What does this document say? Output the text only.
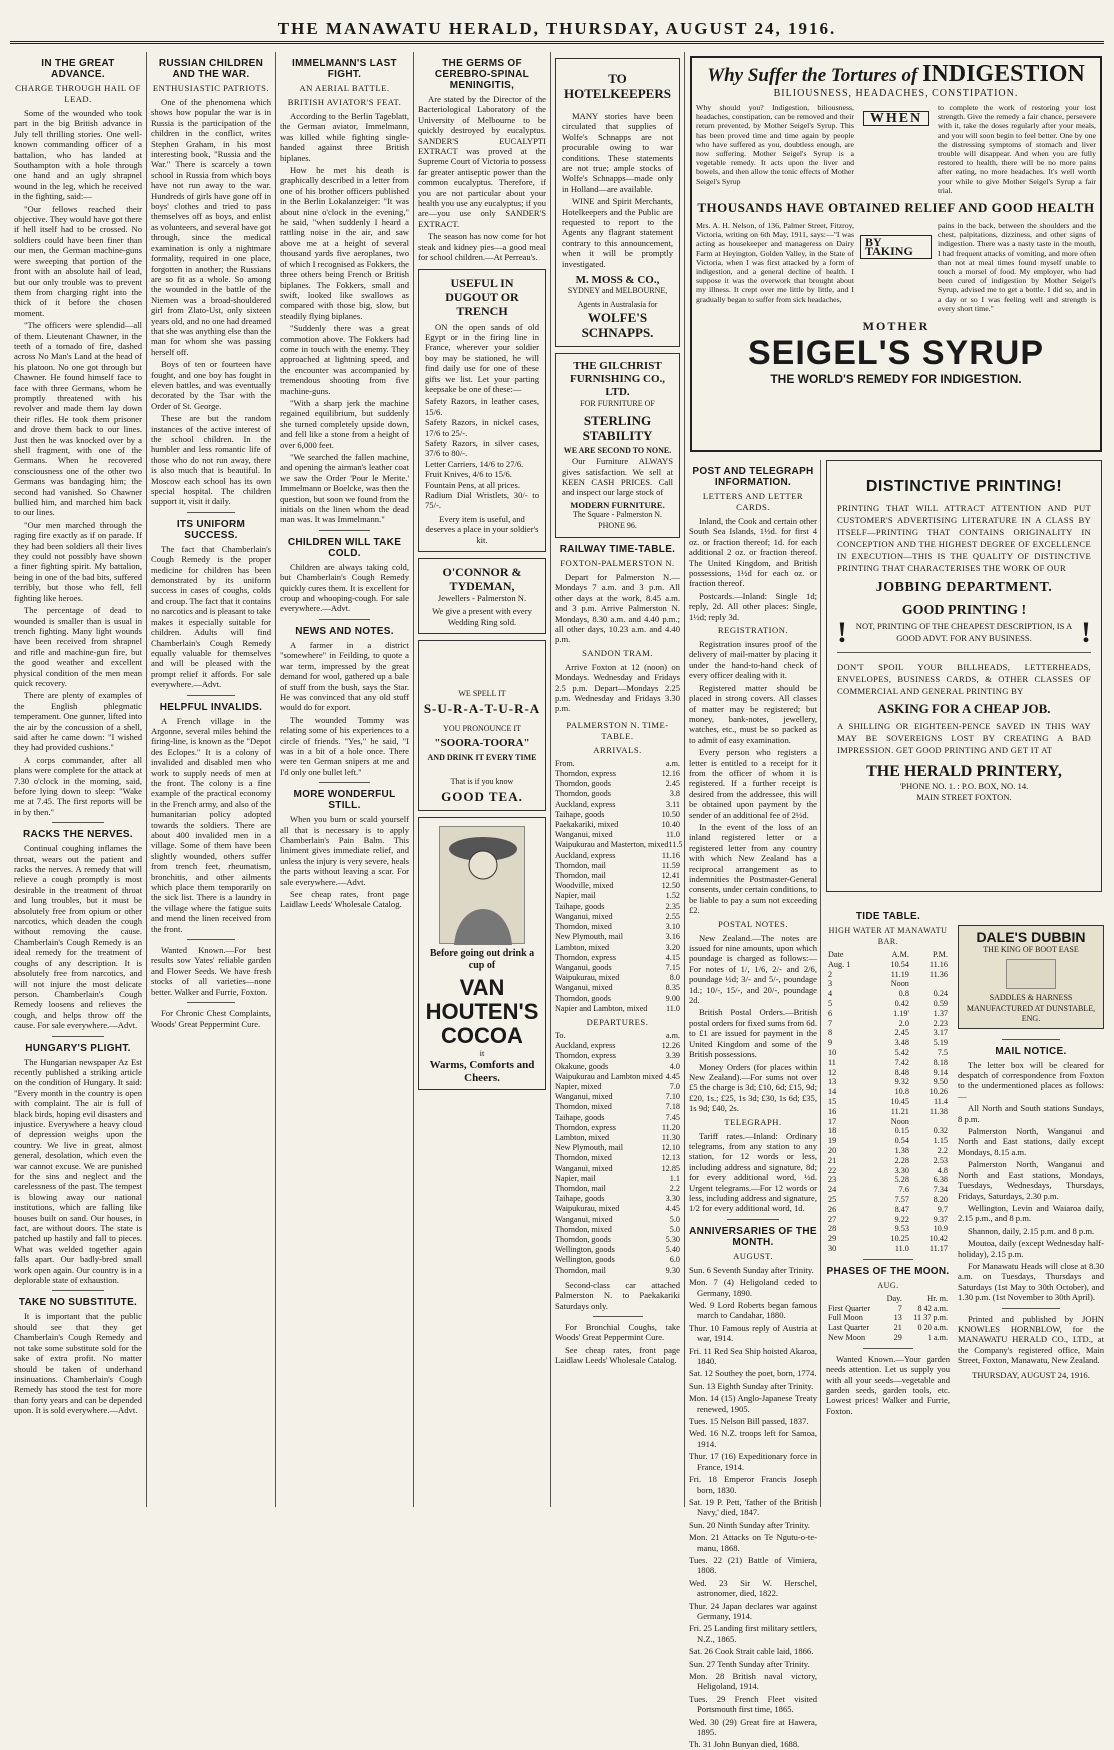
THE MANAWATU HERALD, THURSDAY, AUGUST 24, 1916.
IN THE GREAT ADVANCE.
CHARGE THROUGH HAIL OF LEAD.

Some of the wounded who took part in the big British advance in July tell thrilling stories. One well-known commanding officer of a battalion, who has landed at Southampton with a hole through one hand and an ugly shrapnel wound in the leg, which he received in the fighting, said:—

"Our fellows reached their objective. They would have got there if hell itself had to be crossed. No soldiers could have been finer than our men, the German machine-guns were sweeping that portion of the front with an absolute hail of lead, but our only trouble was to prevent them from charging right into the thick of it before the chosen moment.

"The officers were splendid—all of them. Lieutenant Chawner, in the teeth of a tornado of fire, dashed across No Man's Land at the head of his platoon. No one got through but Chawner. He found himself face to face with three Germans, whom he promptly threatened with his revolver and made them lay down their rifles. He took them prisoner and drove them back to our lines. Just then he was knocked over by a shell fragment, with one of the Germans. When he recovered consciousness one of the other two Germans was bandaging him; the second had vanished. So Chawner bullied him, and marched him back to our lines.

"Our men marched through the raging fire exactly as if on parade. If they had been soldiers all their lives they could not possibly have shown a finer fighting spirit. My battalion, being in one of the bad bits, suffered terribly, but those who fell, fell fighting like heroes.

The percentage of dead to wounded is smaller than is usual in trench fighting. Many light wounds have been received from shrapnel and rifle and machine-gun fire, but the good weather and excellent physical condition of the men mean quick recovery.

There are plenty of examples of the English phlegmatic temperament. One gunner, lifted into the air by the concussion of a shell, said after he came down: "I wished they had provided cushions."

A corps commander, after all plans were complete for the attack at 7.30 o'clock in the morning, said, before lying down to sleep: "Wake me at 7.45. The first reports will be in by then."

RACKS THE NERVES.

Continual coughing inflames the throat, wears out the patient and racks the nerves. A remedy that will relieve a cough promptly is most desirable in the treatment of throat and lung troubles, but it must be absolutely free from opium or other narcotics, which deaden the cough without removing the cause. Chamberlain's Cough Remedy is an ideal remedy for the treatment of coughs of any description. It is absolutely free from narcotics, and will not injure the most delicate person. Chamberlain's Cough Remedy loosens and relieves the cough, and helps throw off the cause. For sale everywhere.—Advt.

HUNGARY'S PLIGHT.

The Hungarian newspaper Az Est recently published a striking article on the condition of Hungary. It said: "Every month in the country is open with complaint. The air is full of black birds, hoping evil disasters and injustice. Everywhere a heavy cloud of depression weighs upon the country. We live in great, almost general, desolation, which even the war cannot excuse. We are punished for the sins and neglect and the carelessness of the past. The tempest is blowing away our national institutions, which are falling like houses built on sand. Our houses, in fact, are without doors. The state is patched up hastily and fall to pieces. What was welded together again falls apart. Our badly-bred small work open again. Our country is in a deplorable state of exhaustion.

TAKE NO SUBSTITUTE.

It is important that the public should see that they get Chamberlain's Cough Remedy and not take some substitute sold for the sake of extra profit. No matter should be taken of underhand insinuations. Chamberlain's Cough Remedy has stood the test for more than forty years and can be depended upon. It is sold everywhere.—Advt.

RUSSIAN CHILDREN AND THE WAR.
ENTHUSIASTIC PATRIOTS.

One of the phenomena which shows how popular the war is in Russia is the participation of the children in the conflict, writes Stephen Graham, in his most interesting book, "Russia and the War." There is scarcely a town school in Russia from which boys have not run away to the war. Hundreds of girls have gone off in boys' clothes and tried to pass themselves off as boys, and enlist as volunteers, and several have got through, since the medical examination is only a nightmare formality, required in one place, forgotten in another; the Russians are so fit as a whole. So among the wounded in the battle of the Niemen was a broad-shouldered girl from Zlato-Ust, only sixteen years old, and no one had dreamed that she was anything else than the man for whom she was passing herself off.

Boys of ten or fourteen have fought, and one boy has fought in eleven battles, and was eventually decorated by the Tsar with the Order of St. George.

These are but the random instances of the active interest of the school children. In the humbler and less romantic life of those who do not run away, there is also much that is beautiful. In Moscow each school has its own special hospital. The children support it, visit it daily.

ITS UNIFORM SUCCESS.

The fact that Chamberlain's Cough Remedy is the proper medicine for children has been demonstrated by its uniform success in cases of coughs, colds and croup. The fact that it contains no narcotics and is pleasant to take makes it especially suitable for children. Adults will find Chamberlain's Cough Remedy equally valuable for themselves and will be pleased with the prompt relief it affords. For sale everywhere.—Advt.

HELPFUL INVALIDS.

A French village in the Argonne, several miles behind the firing-line, is known as the "Depot des Eclopes." It is a colony of invalided and disabled men who work to supply needs of men at the front. The colony is a fine example of the practical economy in the French army, and also of the humanitarian policy adopted towards the soldiers. There are about 400 invalided men in a village. Some of them have been slightly wounded, others suffer from trench feet, rheumatism, bronchitis, and other ailments which place them temporarily on the sick list. There is a laundry in the village where the fatigue suits and mend the linen received from the front.

Wanted Known.—For best results sow Yates' reliable garden and Flower Seeds. We have fresh stocks of all varieties—none better. Walker and Furrie, Foxton.

For Chronic Chest Complaints, Woods' Great Peppermint Cure.

IMMELMANN'S LAST FIGHT.
AN AERIAL BATTLE.
BRITISH AVIATOR'S FEAT.

According to the Berlin Tageblatt, the German aviator, Immelmann, was killed while fighting single-handed against three British biplanes.

How he met his death is graphically described in a letter from one of his brother officers published in the Berlin Lokalanzeiger: "It was about nine o'clock in the evening," he said, "when suddenly I heard a rattling noise in the air, and saw above me at a height of several thousand yards five aeroplanes, two of which I recognised as Fokkers, the three others being French or British biplanes. The Fokkers, small and swift, looked like swallows as compared with those big, slow, but steadily flying biplanes.

"Suddenly there was a great commotion above. The Fokkers had come in touch with the enemy. They approached at lightning speed, and the encounter was accompanied by tremendous shooting from five machine-guns.

"With a sharp jerk the machine regained equilibrium, but suddenly she turned completely upside down, and fell like a stone from a height of over 6,000 feet.

"We searched the fallen machine, and opening the airman's leather coat we saw the Order 'Pour le Merite.' Immelmann or Boelcke, was then the question, but soon we found from the initials on the linen whom the dead man was. It was Immelmann."

CHILDREN WILL TAKE COLD.

Children are always taking cold, but Chamberlain's Cough Remedy quickly cures them. It is excellent for croup and whooping-cough. For sale everywhere.—Advt.

NEWS AND NOTES.

A farmer in a district "somewhere" in Feilding, to quote a war term, impressed by the great demand for wool, gathered up a bale of stuff from the bush, says the Star. He was convinced that any old stuff would do for export.

The wounded Tommy was relating some of his experiences to a circle of friends. "Yes," he said, "I was in a bit of a hole once. There were ten German snipers at me and I'd only one bullet left."

MORE WONDERFUL STILL.

When you burn or scald yourself all that is necessary is to apply Chamberlain's Pain Balm. This liniment gives immediate relief, and unless the injury is very severe, heals the parts without leaving a scar. For sale everywhere.—Advt.

See cheap rates, front page Laidlaw Leeds' Wholesale Catalog.

THE GERMS OF CEREBRO-SPINAL MENINGITIS,

Are stated by the Director of the Bacteriological Laboratory of the University of Melbourne to be quickly destroyed by eucalyptus. SANDER'S EUCALYPTI EXTRACT was proved at the Supreme Court of Victoria to possess far greater antiseptic power than the common eucalyptus. Therefore, if you are not particular about your health you use any eucalyptus; if you are—you use only SANDER'S EXTRACT.

The season has now come for hot steak and kidney pies—a good meal for school children.—At Perreau's.

USEFUL IN DUGOUT OR TRENCH

ON the open sands of old Egypt or in the firing line in France, wherever your soldier boy may be stationed, he will find daily use for one of these gifts we list. Let your parting keepsake be one of these:—

Safety Razors, in leather cases, 15/6.
Safety Razors, in nickel cases, 17/6 to 25/-.
Safety Razors, in silver cases, 37/6 to 80/-.
Letter Carriers, 14/6 to 27/6.
Fruit Knives, 4/6 to 15/6.
Fountain Pens, at all prices.
Radium Dial Wristlets, 30/- to 75/-.

Every item is useful, and deserves a place in your soldier's kit.

O'CONNOR & TYDEMAN,
Jewellers - Palmerston N.
We give a present with every Wedding Ring sold.
WE SPELL IT
S-U-R-A-T-U-R-A
YOU PRONOUNCE IT
"SOORA-TOORA"
AND DRINK IT EVERY TIME
That is if you know
GOOD TEA.
Before going out drink a cup of
VAN HOUTEN'S
COCOA
it
Warms, Comforts and Cheers.
TO HOTELKEEPERS

MANY stories have been circulated that supplies of Wolfe's Schnapps are not procurable owing to war conditions. These statements are not true; ample stocks of Wolfe's Schnapps—made only in Holland—are available.

WINE and Spirit Merchants, Hotelkeepers and the Public are requested to report to the Agents any flagrant statement contrary to this announcement, when it will be promptly investigated.

M. MOSS & CO.,
SYDNEY and MELBOURNE,
Agents in Australasia for
WOLFE'S SCHNAPPS.
THE GILCHRIST FURNISHING CO., LTD.
FOR FURNITURE OF
STERLING STABILITY
WE ARE SECOND TO NONE.

Our Furniture ALWAYS gives satisfaction. We sell at KEEN CASH PRICES. Call and inspect our large stock of

MODERN FURNITURE.
The Square - Palmerston N. PHONE 96.
RAILWAY TIME-TABLE.
FOXTON-PALMERSTON N.

Depart for Palmerston N.—Mondays 7 a.m. and 3 p.m. All other days at the work, 8.45 a.m. and 3 p.m. Arrive Palmerston N. Mondays, 8.30 a.m. and 4.40 p.m.; all other days, 10.23 a.m. and 4.40 p.m.

SANDON TRAM.

Arrive Foxton at 12 (noon) on Mondays. Wednesday and Fridays 2.5 p.m. Depart—Mondays 2.25 p.m. Wednesday and Fridays 3.30 p.m.

PALMERSTON N. TIME-TABLE.
ARRIVALS.
From.	a.m.
Thorndon, express	12.16
Thorndon, goods	2.45
Thorndon, goods	3.8
Auckland, express	3.11
Taihape, goods	10.50
Paekakariki, mixed	10.40
Wanganui, mixed	11.0
Waipukurau and Masterton, mixed 11.5
Auckland, express	11.16
Thorndon, mail	11.59
Thorndon, mail	12.41
Woodville, mixed	12.50
Napier, mail	1.52
Taihape, goods	2.35
Wanganui, mixed	2.55
Thorndon, mixed	3.10
New Plymouth, mail	3.16
Lambton, mixed	3.20
Thorndon, express	4.15
Wanganui, goods	7.15
Waipukurau, mixed	8.0
Wanganui, mixed	8.35
Thorndon, goods	9.00
Napier and Lambton, mixed	11.0
DEPARTURES.
To.	a.m.
Auckland, express	12.26
Thorndon, express	3.39
Okakune, goods	4.0
Waipukurau and Lambton mixed 4.45
Napier, mixed	7.0
Wanganui, mixed	7.10
Thorndon, mixed	7.18
Taihape, goods	7.45
Thorndon, express	11.20
Lambton, mixed	11.30
New Plymouth, mail	12.10
Thorndon, mixed	12.13
Wanganui, mixed	12.85
Napier, mail	1.1
Thorndon, mail	2.2
Taihape, goods	3.30
Waipukurau, mixed	4.45
Wanganui, mixed	5.0
Thorndon, mixed	5.0
Thorndon, goods	5.30
Wellington, goods	5.40
Wellington, goods	6.0
Thorndon, mail	9.30

Second-class car attached Palmerston N. to Paekakariki Saturdays only.

For Bronchial Coughs, take Woods' Great Peppermint Cure.

See cheap rates, front page Laidlaw Leeds' Wholesale Catalog.

Why Suffer the Tortures of INDIGESTION
BILIOUSNESS, HEADACHES, CONSTIPATION.
Why should you? Indigestion, biliousness, headaches, constipation, can be removed and their return prevented, by Mother Seigel's Syrup. This has been proved time and time again by people who have suffered as you, doubtless enough, are now suffering. Mother Seigel's Syrup is a vegetable remedy. It acts upon the liver and bowels, and then allow the tonic effects of Mother Seigel's Syrup
WHEN
to complete the work of restoring your lost strength. Give the remedy a fair chance, persevere with it, take the doses regularly after your meals, and you will soon begin to feel better. One by one the distressing symptoms of stomach and liver trouble will disappear. And when you are fully restored to health, there will be no more pains after eating, no more headaches. It's well worth your while to give Mother Seigel's Syrup a fair trial.
THOUSANDS HAVE OBTAINED RELIEF AND GOOD HEALTH
Mrs. A. H. Nelson, of 136, Palmer Street, Fitzroy, Victoria, writing on 6th May, 1911, says:—"I was acting as housekeeper and manageress on Dairy Farm at Heyington, Golden Valley, in the State of Victoria, when I was first attacked by a form of indigestion, and a general decline of health. I suppose it was the overwork that brought about my illness. It crept over me little by little, and I gradually began to suffer from sick headaches,
BY TAKING
pains in the back, between the shoulders and the chest, palpitations, dizziness, and other signs of indigestion. There was a nasty taste in the mouth, I had frequent attacks of vomiting, and more often than not at meal times found myself unable to touch a morsel of food. My employer, who had been cured of indigestion by Mother Seigel's Syrup, advised me to get a bottle. I did so, and in a day or so I was feeling well and strength is every short time."
MOTHER
SEIGEL'S SYRUP
THE WORLD'S REMEDY FOR INDIGESTION.
POST AND TELEGRAPH INFORMATION.
LETTERS AND LETTER CARDS.

Inland, the Cook and certain other South Sea Islands, 1½d. for first 4 oz. or fraction thereof; 1d. for each additional 2 oz. or fraction thereof. The United Kingdom, and British possessions, 1½d for each oz. or fraction thereof.

Postcards.—Inland: Single 1d; reply, 2d. All other places: Single, 1½d; reply 3d.

REGISTRATION.

Registration insures proof of the delivery of mail-matter by placing it under the hand-to-hand check of every officer dealing with it.

Registered matter should be placed in strong covers. All classes of matter may be registered; but money, bank-notes, jewellery, watches, etc., must be so packed as to admit of easy examination.

Every person who registers a letter is entitled to a receipt for it from the officer of whom it is registered. If a further receipt is desired from the addressee, this will be obtained upon payment by the sender of an additional fee of 2½d.

In the event of the loss of an inland registered letter or a registered letter from any country with which New Zealand has a reciprocal arrangement as to indemnities the Postmaster-General consents, under certain conditions, to be liable to pay a sum not exceeding £2.

POSTAL NOTES.

New Zealand.—The notes are issued for nine amounts, upon which poundage is charged as follows:—For notes of 1/, 1/6, 2/- and 2/6, poundage ½d; 3/- and 5/-, poundage 1d.; 10/-, 15/-, and 20/-, poundage 2d.

British Postal Orders.—British postal orders for fixed sums from 6d. to £1 are issued for payment in the United Kingdom and some of the British possessions.

Money Orders (for places within New Zealand).—For sums not over £5 the charge is 3d; £10, 6d; £15, 9d; £20, 1s.; £25, 1s 3d; £30, 1s 6d; £35, 1s 9d; £40, 2s.

TELEGRAPH.

Tariff rates.—Inland: Ordinary telegrams, from any station to any station, for 12 words or less, including address and signature, 8d; for every additional word, ½d. Urgent telegrams.—For 12 words or less, including address and signature, 1/2 for every additional word, 1d.

ANNIVERSARIES OF THE MONTH.
AUGUST.
Sun. 6 Seventh Sunday after Trinity.
Mon. 7 (4) Heligoland ceded to Germany, 1890.
Wed. 9 Lord Roberts began famous march to Candahar, 1880.
Thur. 10 Famous reply of Austria at war, 1914.
Fri. 11 Red Sea Ship hoisted Akaroa, 1840.
Sat. 12 Southey the poet, born, 1774.
Sun. 13 Eighth Sunday after Trinity.
Mon. 14 (15) Anglo-Japanese Treaty renewed, 1905.
Tues. 15 Nelson Bill passed, 1837.
Wed. 16 N.Z. troops left for Samoa, 1914.
Thur. 17 (16) Expeditionary force in France, 1914.
Fri. 18 Emperor Francis Joseph born, 1830.
Sat. 19 P. Pett, 'father of the British Navy,' died, 1847.
Sun. 20 Ninth Sunday after Trinity.
Mon. 21 Attacks on Te Ngutu-o-te-manu, 1868.
Tues. 22 (21) Battle of Vimiera, 1808.
Wed. 23 Sir W. Herschel, astronomer, died, 1822.
Thur. 24 Japan declares war against Germany, 1914.
Fri. 25 Landing first military settlers, N.Z., 1865.
Sat. 26 Cook Strait cable laid, 1866.
Sun. 27 Tenth Sunday after Trinity.
Mon. 28 British naval victory, Heligoland, 1914.
Tues. 29 French Fleet visited Portsmouth first time, 1865.
Wed. 30 (29) Great fire at Hawera, 1895.
Th. 31 John Bunyan died, 1688.
DISTINCTIVE PRINTING!

PRINTING THAT WILL ATTRACT ATTENTION AND PUT CUSTOMER'S ADVERTISING LITERATURE IN A CLASS BY ITSELF—PRINTING THAT CONTAINS ORIGINALITY IN CONCEPTION AND THE HIGHEST DEGREE OF EXCELLENCE IN EXECUTION—THIS IS THE QUALITY OF DISTINCTIVE PRINTING THAT CHARACTERISES THE WORK OF OUR

JOBBING DEPARTMENT.
GOOD PRINTING !
! NOT, PRINTING OF THE CHEAPEST DESCRIPTION, IS A GOOD ADVT. FOR ANY BUSINESS.	!

DON'T SPOIL YOUR BILLHEADS, LETTERHEADS, ENVELOPES, BUSINESS CARDS, & OTHER CLASSES OF COMMERCIAL AND GENERAL PRINTING BY

ASKING FOR A CHEAP JOB.

A SHILLING OR EIGHTEEN-PENCE SAVED IN THIS WAY MAY BE SOVEREIGNS LOST BY CREATING A BAD IMPRESSION. GET GOOD PRINTING AND GET IT AT

THE HERALD PRINTERY,
'PHONE NO. 1. : P.O. BOX, NO. 14.
MAIN STREET FOXTON.
TIDE TABLE.
HIGH WATER AT MANAWATU BAR.
Date	A.M.	P.M.
Aug. 1	10.54	11.16
2	11.19	11.36
3	Noon	
4	0.8	0.24
5	0.42	0.59
6	1.19'	1.37
7	2.0	2.23
8	2.45	3.17
9	3.48	5.19
10	5.42	7.5
11	7.42	8.18
12	8.48	9.14
13	9.32	9.50
14	10.8	10.26
15	10.45	11.4
16	11.21	11.38
17	Noon	
18	0.15	0.32
19	0.54	1.15
20	1.38	2.2
21	2.28	2.53
22	3.30	4.8
23	5.28	6.38
24	7.6	7.34
25	7.57	8.20
26	8.47	9.7
27	9.22	9.37
28	9.53	10.9
29	10.25	10.42
30	11.0	11.17
PHASES OF THE MOON.
AUG.
	Day.	Hr. m.
First Quarter	7	8 42 a.m.
Full Moon	13	11 37 p.m.
Last Quarter	21	0 20 a.m.
New Moon	29	1 a.m.

Wanted Known.—Your garden needs attention. Let us supply you with all your seeds—vegetable and garden seeds, garden tools, etc. Lowest prices! Walker and Furrie, Foxton.

DALE'S DUBBIN
THE KING OF BOOT EASE
SADDLES & HARNESS
MANUFACTURED AT DUNSTABLE, ENG.
MAIL NOTICE.

The letter box will be cleared for despatch of correspondence from Foxton to the undermentioned places as follows:—

All North and South stations Sundays, 8 p.m.

Palmerston North, Wanganui and North and East stations, daily except Mondays, 8.15 a.m.

Palmerston North, Wanganui and North and East stations, Mondays, Tuesdays, Wednesdays, Thursdays, Fridays, Saturdays, 2.30 p.m.

Wellington, Levin and Waiaroa daily, 2.15 p.m., and 8 p.m.

Shannon, daily, 2.15 p.m. and 8 p.m.

Moutoa, daily (except Wednesday half-holiday), 2.15 p.m.

For Manawatu Heads will close at 8.30 a.m. on Tuesdays, Thursdays and Saturdays (1st May to 30th October), and 1.30 p.m. (1st November to 30th April).

Printed and published by JOHN KNOWLES HORNBLOW, for the MANAWATU HERALD CO., LTD., at the Company's registered office, Main Street, Foxton, Manawatu, New Zealand.

THURSDAY, AUGUST 24, 1916.
